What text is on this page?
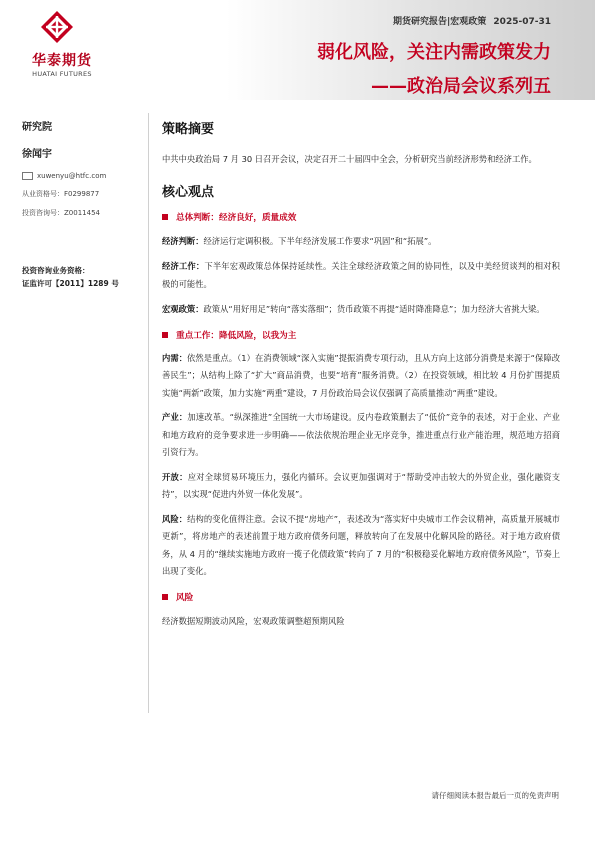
华泰期货
HUATAI FUTURES
期货研究报告|宏观政策 2025-07-31
弱化风险，关注内需政策发力
——政治局会议系列五
研究院
徐闻宇
xuwenyu@htfc.com
从业资格号：F0299877
投资咨询号：Z0011454
投资咨询业务资格：
证监许可【2011】1289 号
策略摘要
中共中央政治局 7 月 30 日召开会议，决定召开二十届四中全会，分析研究当前经济形势和经济工作。
核心观点
总体判断：经济良好，质量成效
经济判断：经济运行定调积极。下半年经济发展工作要求“巩固”和“拓展”。
经济工作：下半年宏观政策总体保持延续性。关注全球经济政策之间的协同性，以及中美经贸谈判的相对积极的可能性。
宏观政策：政策从“用好用足”转向“落实落细”；货币政策不再提“适时降准降息”；加力经济大省挑大梁。
重点工作：降低风险，以我为主
内需：依然是重点。（1）在消费领域“深入实施”提振消费专项行动，且从方向上这部分消费是来源于“保障改善民生”；从结构上除了“扩大”商品消费，也要“培育”服务消费。（2）在投资领域，相比较 4 月份扩围提质实施“两新”政策，加力实施“两重”建设，7 月份政治局会议仅强调了高质量推动“两重”建设。
产业：加速改革。“纵深推进”全国统一大市场建设。反内卷政策删去了“低价”竞争的表述，对于企业、产业和地方政府的竞争要求进一步明确——依法依规治理企业无序竞争，推进重点行业产能治理，规范地方招商引资行为。
开放：应对全球贸易环境压力，强化内循环。会议更加强调对于“帮助受冲击较大的外贸企业，强化融资支持”，以实现“促进内外贸一体化发展”。
风险：结构的变化值得注意。会议不提“房地产”，表述改为“落实好中央城市工作会议精神，高质量开展城市更新”，将房地产的表述前置于地方政府债务问题，释放转向了在发展中化解风险的路径。对于地方政府债务，从 4 月的“继续实施地方政府一揽子化债政策”转向了 7 月的“积极稳妥化解地方政府债务风险”，节奏上出现了变化。
风险
经济数据短期波动风险，宏观政策调整超预期风险
请仔细阅读本报告最后一页的免责声明
